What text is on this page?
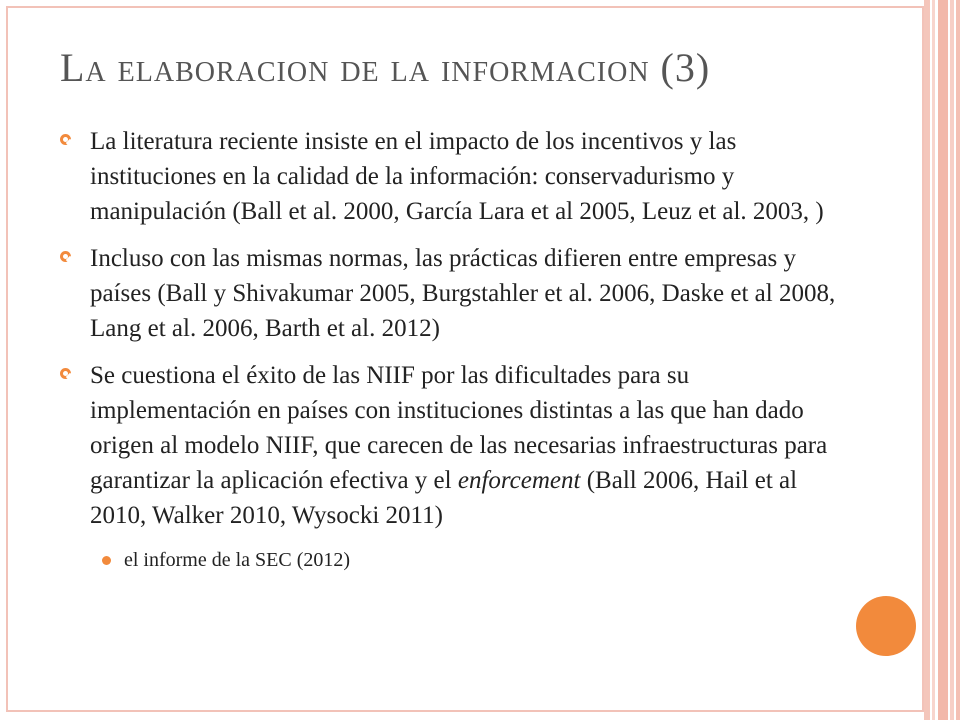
La elaboracion de la informacion (3)
La literatura reciente insiste en el impacto de los incentivos y las instituciones en la calidad de la información: conservadurismo y manipulación (Ball et al. 2000, García Lara et al 2005, Leuz et al. 2003, )
Incluso con las mismas normas, las prácticas difieren entre empresas y países (Ball y Shivakumar 2005, Burgstahler et al. 2006, Daske et al 2008, Lang et al. 2006, Barth et al. 2012)
Se cuestiona el éxito de las NIIF por las dificultades para su implementación en países con instituciones distintas a las que han dado origen al modelo NIIF, que carecen de las necesarias infraestructuras para garantizar la aplicación efectiva y el enforcement (Ball 2006, Hail et al 2010, Walker 2010, Wysocki 2011)
el informe de la SEC (2012)
